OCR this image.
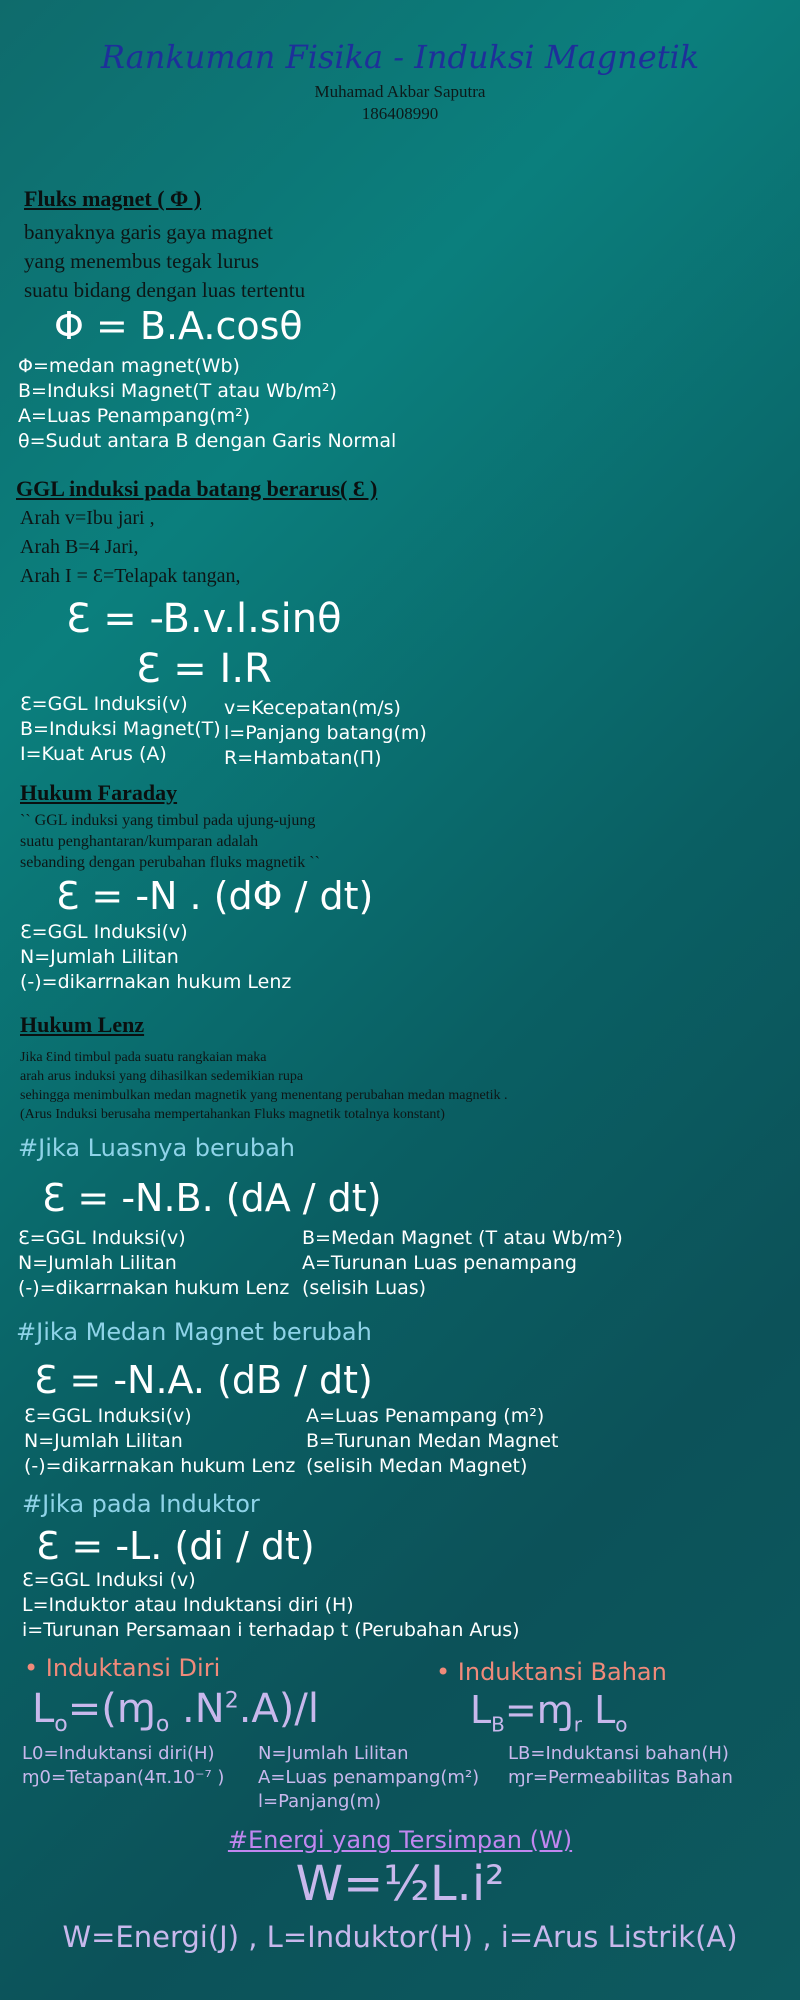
Rankuman Fisika - Induksi Magnetik
Muhamad Akbar Saputra
186408990
Fluks magnet ( Φ )
banyaknya garis gaya magnet
yang menembus tegak lurus
suatu bidang dengan luas tertentu
Φ = B.A.cosθ
Φ=medan magnet(Wb)
B=Induksi Magnet(T atau Wb/m²)
A=Luas Penampang(m²)
θ=Sudut antara B dengan Garis Normal
GGL induksi pada batang berarus( Ɛ )
Arah v=Ibu jari ,
Arah B=4 Jari,
Arah I = Ɛ=Telapak tangan,
Ɛ = -B.v.l.sinθ
Ɛ = I.R
Ɛ=GGL Induksi(v)
B=Induksi Magnet(T)
I=Kuat Arus (A)
v=Kecepatan(m/s)
l=Panjang batang(m)
R=Hambatan(Π)
Hukum Faraday
`` GGL induksi yang timbul pada ujung-ujung
suatu penghantaran/kumparan adalah
sebanding dengan perubahan fluks magnetik ``
Ɛ = -N . (dΦ / dt)
Ɛ=GGL Induksi(v)
N=Jumlah Lilitan
(-)=dikarrnakan hukum Lenz
Hukum Lenz
Jika Ɛind timbul pada suatu rangkaian maka
arah arus induksi yang dihasilkan sedemikian rupa
sehingga menimbulkan medan magnetik yang menentang perubahan medan magnetik .
(Arus Induksi berusaha mempertahankan Fluks magnetik totalnya konstant)
#Jika Luasnya berubah
Ɛ = -N.B. (dA / dt)
Ɛ=GGL Induksi(v)
N=Jumlah Lilitan
(-)=dikarrnakan hukum Lenz
B=Medan Magnet (T atau Wb/m²)
A=Turunan Luas penampang
(selisih Luas)
#Jika Medan Magnet berubah
Ɛ = -N.A. (dB / dt)
Ɛ=GGL Induksi(v)
N=Jumlah Lilitan
(-)=dikarrnakan hukum Lenz
A=Luas Penampang (m²)
B=Turunan Medan Magnet
(selisih Medan Magnet)
#Jika pada Induktor
Ɛ = -L. (di / dt)
Ɛ=GGL Induksi (v)
L=Induktor atau Induktansi diri (H)
i=Turunan Persamaan i terhadap t (Perubahan Arus)
• Induktansi Diri	• Induktansi Bahan
$L_o=(ɱ_o$ $.N^2.A)/l$	$L_B=ɱ_r$ $L_o$
L0=Induktansi diri(H)
ɱ0=Tetapan(4π.10⁻⁷ )
N=Jumlah Lilitan
A=Luas penampang(m²)
l=Panjang(m)
LB=Induktansi bahan(H)
ɱr=Permeabilitas Bahan
#Energi yang Tersimpan (W)
W=½L.i²
W=Energi(J) , L=Induktor(H) , i=Arus Listrik(A)
